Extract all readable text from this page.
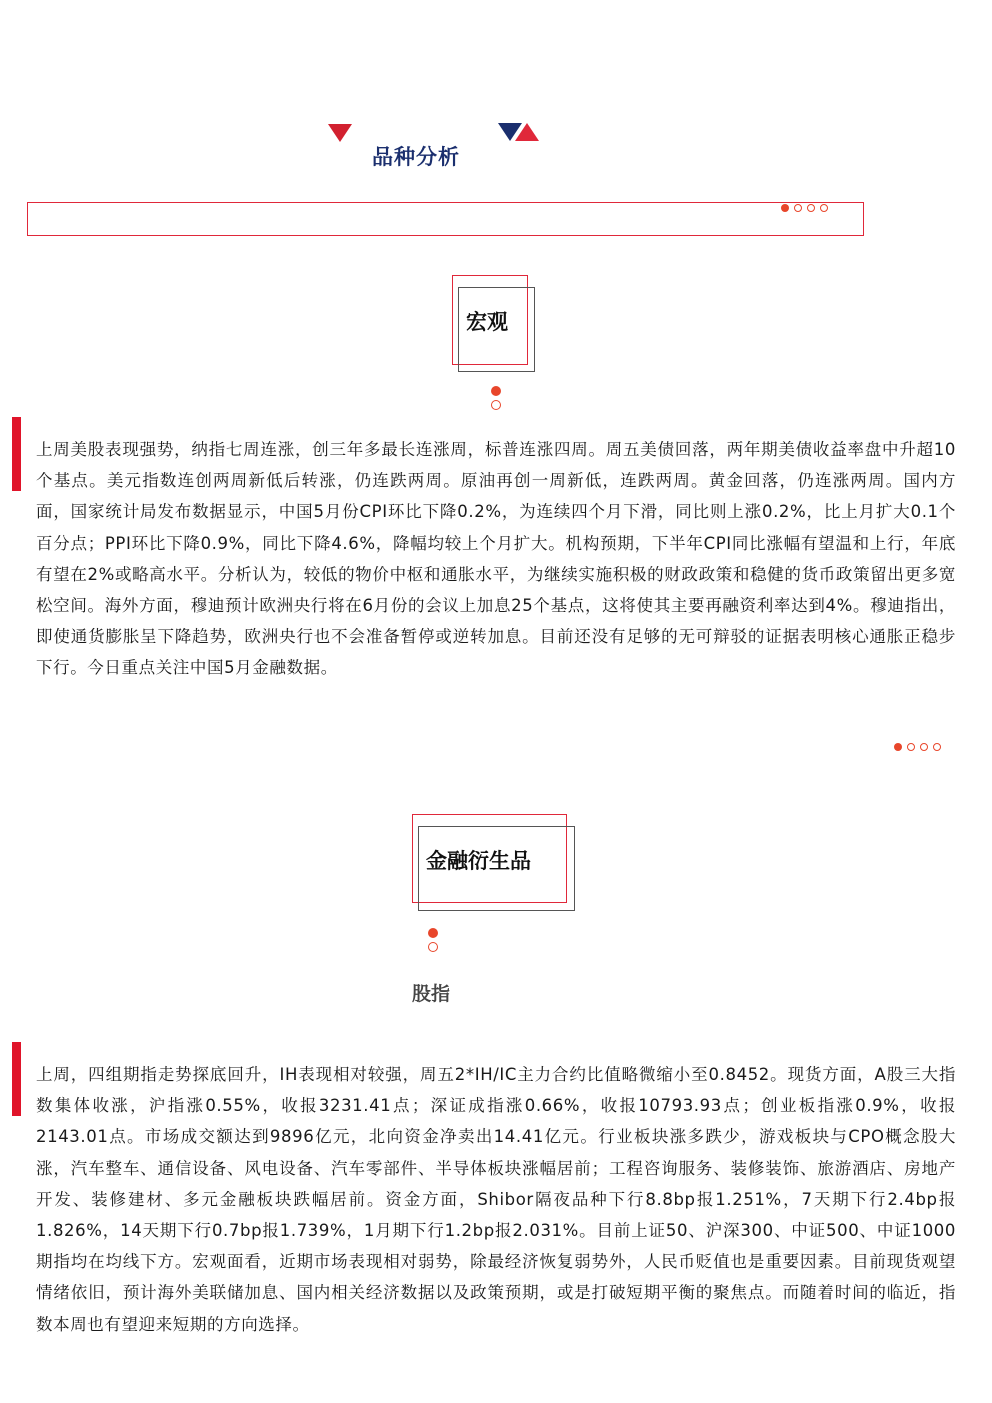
品种分析
宏观
上周美股表现强势，纳指七周连涨，创三年多最长连涨周，标普连涨四周。周五美债回落，两年期美债收益率盘中升超10个基点。美元指数连创两周新低后转涨，仍连跌两周。原油再创一周新低，连跌两周。黄金回落，仍连涨两周。国内方面，国家统计局发布数据显示，中国5月份CPI环比下降0.2%，为连续四个月下滑，同比则上涨0.2%，比上月扩大0.1个百分点；PPI环比下降0.9%，同比下降4.6%，降幅均较上个月扩大。机构预期，下半年CPI同比涨幅有望温和上行，年底有望在2%或略高水平。分析认为，较低的物价中枢和通胀水平，为继续实施积极的财政政策和稳健的货币政策留出更多宽松空间。海外方面，穆迪预计欧洲央行将在6月份的会议上加息25个基点，这将使其主要再融资利率达到4%。穆迪指出，即使通货膨胀呈下降趋势，欧洲央行也不会准备暂停或逆转加息。目前还没有足够的无可辩驳的证据表明核心通胀正稳步下行。今日重点关注中国5月金融数据。
金融衍生品
股指
上周，四组期指走势探底回升，IH表现相对较强，周五2*IH/IC主力合约比值略微缩小至0.8452。现货方面，A股三大指数集体收涨，沪指涨0.55%，收报3231.41点；深证成指涨0.66%，收报10793.93点；创业板指涨0.9%，收报2143.01点。市场成交额达到9896亿元，北向资金净卖出14.41亿元。行业板块涨多跌少，游戏板块与CPO概念股大涨，汽车整车、通信设备、风电设备、汽车零部件、半导体板块涨幅居前；工程咨询服务、装修装饰、旅游酒店、房地产开发、装修建材、多元金融板块跌幅居前。资金方面，Shibor隔夜品种下行8.8bp报1.251%，7天期下行2.4bp报1.826%，14天期下行0.7bp报1.739%，1月期下行1.2bp报2.031%。目前上证50、沪深300、中证500、中证1000期指均在均线下方。宏观面看，近期市场表现相对弱势，除最经济恢复弱势外，人民币贬值也是重要因素。目前现货观望情绪依旧，预计海外美联储加息、国内相关经济数据以及政策预期，或是打破短期平衡的聚焦点。而随着时间的临近，指数本周也有望迎来短期的方向选择。
